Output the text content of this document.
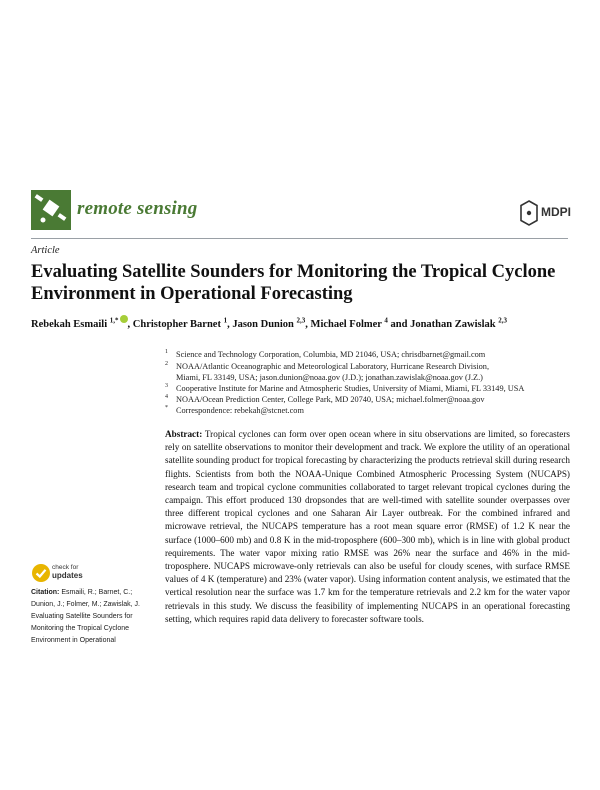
remote sensing	MDPI
Article
Evaluating Satellite Sounders for Monitoring the Tropical Cyclone Environment in Operational Forecasting
Rebekah Esmaili $^{1,*}$ , Christopher Barnet $^1$, Jason Dunion $^{2,3}$, Michael Folmer $^4$ and Jonathan Zawislak $^{2,3}$
1 Science and Technology Corporation, Columbia, MD 21046, USA; chrisdbarnet@gmail.com
2 NOAA/Atlantic Oceanographic and Meteorological Laboratory, Hurricane Research Division,
Miami, FL 33149, USA; jason.dunion@noaa.gov (J.D.); jonathan.zawislak@noaa.gov (J.Z.)
3 Cooperative Institute for Marine and Atmospheric Studies, University of Miami, Miami, FL 33149, USA
4 NOAA/Ocean Prediction Center, College Park, MD 20740, USA; michael.folmer@noaa.gov
* Correspondence: rebekah@stcnet.com
Abstract: Tropical cyclones can form over open ocean where in situ observations are limited, so forecasters rely on satellite observations to monitor their development and track. We explore the utility of an operational satellite sounding product for tropical forecasting by characterizing the products retrieval skill during research flights. Scientists from both the NOAA-Unique Combined Atmospheric Processing System (NUCAPS) research team and tropical cyclone communities collaborated to target relevant tropical cyclones during the campaign. This effort produced 130 dropsondes that are well-timed with satellite sounder overpasses over three different tropical cyclones and one Saharan Air Layer outbreak. For the combined infrared and microwave retrieval, the NUCAPS temperature has a root mean square error (RMSE) of 1.2 K near the surface (1000–600 mb) and 0.8 K in the mid-troposphere (600–300 mb), which is in line with global product requirements. The water vapor mixing ratio RMSE was 26% near the surface and 46% in the mid-troposphere. NUCAPS microwave-only retrievals can also be useful for cloudy scenes, with surface RMSE values of 4 K (temperature) and 23% (water vapor). Using information content analysis, we estimated that the vertical resolution near the surface was 1.7 km for the temperature retrievals and 2.2 km for the water vapor retrievals in this study. We discuss the feasibility of implementing NUCAPS in an operational forecasting setting, which requires rapid data delivery to forecaster software tools.
check for
updates
Citation: Esmaili, R.; Barnet, C.; Dunion, J.; Folmer, M.; Zawislak, J. Evaluating Satellite Sounders for Monitoring the Tropical Cyclone Environment in Operational
